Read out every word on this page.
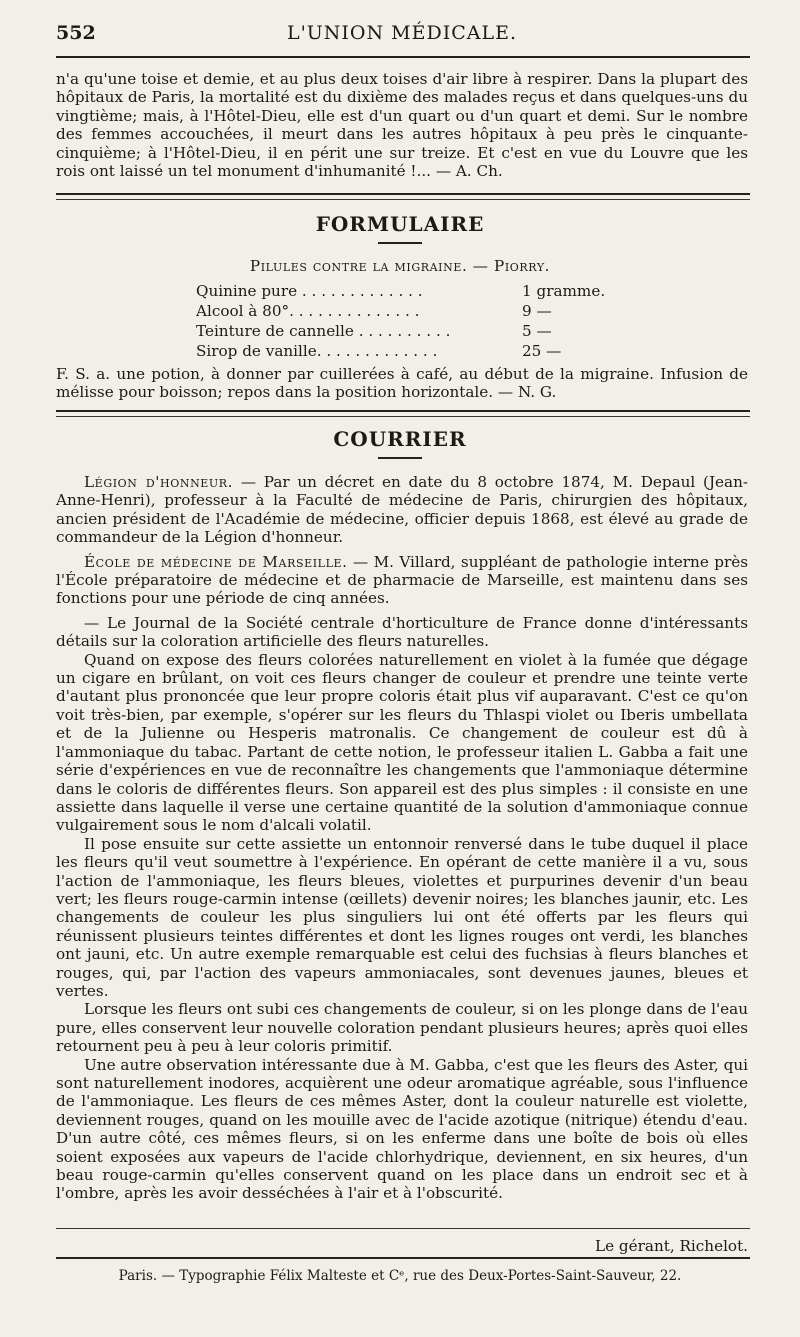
552	L'UNION MÉDICALE.

n'a qu'une toise et demie, et au plus deux toises d'air libre à respirer. Dans la plupart des hôpitaux de Paris, la mortalité est du dixième des malades reçus et dans quelques-uns du vingtième; mais, à l'Hôtel-Dieu, elle est d'un quart ou d'un quart et demi. Sur le nombre des femmes accouchées, il meurt dans les autres hôpitaux à peu près le cinquante-cinquième; à l'Hôtel-Dieu, il en périt une sur treize. Et c'est en vue du Louvre que les rois ont laissé un tel monument d'inhumanité !... — A. Ch.

FORMULAIRE
Pilules contre la migraine. — Piorry.
Quinine pure . . . . . . . . . . . . .	1 gramme.
Alcool à 80°. . . . . . . . . . . . . .	9 —
Teinture de cannelle . . . . . . . . . .	5 —
Sirop de vanille. . . . . . . . . . . . .	25 —

F. S. a. une potion, à donner par cuillerées à café, au début de la migraine. Infusion de mélisse pour boisson; repos dans la position horizontale. — N. G.

COURRIER

Légion d'honneur. — Par un décret en date du 8 octobre 1874, M. Depaul (Jean-Anne-Henri), professeur à la Faculté de médecine de Paris, chirurgien des hôpitaux, ancien président de l'Académie de médecine, officier depuis 1868, est élevé au grade de commandeur de la Légion d'honneur.

École de médecine de Marseille. — M. Villard, suppléant de pathologie interne près l'École préparatoire de médecine et de pharmacie de Marseille, est maintenu dans ses fonctions pour une période de cinq années.

— Le Journal de la Société centrale d'horticulture de France donne d'intéressants détails sur la coloration artificielle des fleurs naturelles.

Quand on expose des fleurs colorées naturellement en violet à la fumée que dégage un cigare en brûlant, on voit ces fleurs changer de couleur et prendre une teinte verte d'autant plus prononcée que leur propre coloris était plus vif auparavant. C'est ce qu'on voit très-bien, par exemple, s'opérer sur les fleurs du Thlaspi violet ou Iberis umbellata et de la Julienne ou Hesperis matronalis. Ce changement de couleur est dû à l'ammoniaque du tabac. Partant de cette notion, le professeur italien L. Gabba a fait une série d'expériences en vue de reconnaître les changements que l'ammoniaque détermine dans le coloris de différentes fleurs. Son appareil est des plus simples : il consiste en une assiette dans laquelle il verse une certaine quantité de la solution d'ammoniaque connue vulgairement sous le nom d'alcali volatil.

Il pose ensuite sur cette assiette un entonnoir renversé dans le tube duquel il place les fleurs qu'il veut soumettre à l'expérience. En opérant de cette manière il a vu, sous l'action de l'ammoniaque, les fleurs bleues, violettes et purpurines devenir d'un beau vert; les fleurs rouge-carmin intense (œillets) devenir noires; les blanches jaunir, etc. Les changements de couleur les plus singuliers lui ont été offerts par les fleurs qui réunissent plusieurs teintes différentes et dont les lignes rouges ont verdi, les blanches ont jauni, etc. Un autre exemple remarquable est celui des fuchsias à fleurs blanches et rouges, qui, par l'action des vapeurs ammoniacales, sont devenues jaunes, bleues et vertes.

Lorsque les fleurs ont subi ces changements de couleur, si on les plonge dans de l'eau pure, elles conservent leur nouvelle coloration pendant plusieurs heures; après quoi elles retournent peu à peu à leur coloris primitif.

Une autre observation intéressante due à M. Gabba, c'est que les fleurs des Aster, qui sont naturellement inodores, acquièrent une odeur aromatique agréable, sous l'influence de l'ammoniaque. Les fleurs de ces mêmes Aster, dont la couleur naturelle est violette, deviennent rouges, quand on les mouille avec de l'acide azotique (nitrique) étendu d'eau. D'un autre côté, ces mêmes fleurs, si on les enferme dans une boîte de bois où elles soient exposées aux vapeurs de l'acide chlorhydrique, deviennent, en six heures, d'un beau rouge-carmin qu'elles conservent quand on les place dans un endroit sec et à l'ombre, après les avoir desséchées à l'air et à l'obscurité.

Le gérant, Richelot.
Paris. — Typographie Félix Malteste et Cᵉ, rue des Deux-Portes-Saint-Sauveur, 22.
